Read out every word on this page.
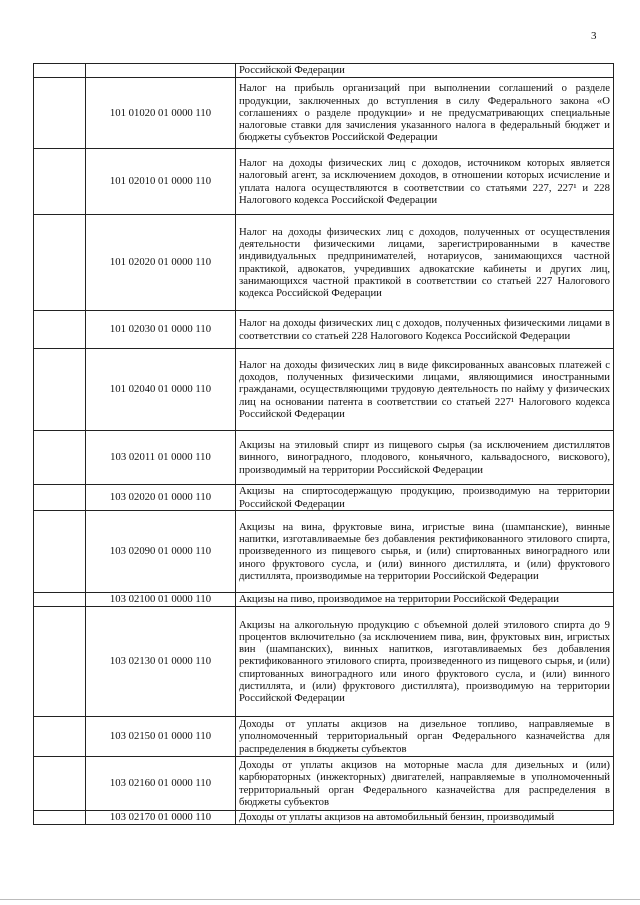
3
		Российской Федерации
	101 01020 01 0000 110	Налог на прибыль организаций при выполнении соглашений о разделе продукции, заключенных до вступления в силу Федерального закона «О соглашениях о разделе продукции» и не предусматривающих специальные налоговые ставки для зачисления указанного налога в федеральный бюджет и бюджеты субъектов Российской Федерации
	101 02010 01 0000 110	Налог на доходы физических лиц с доходов, источником которых является налоговый агент, за исключением доходов, в отношении которых исчисление и уплата налога осуществляются в соответствии со статьями 227, 227¹ и 228 Налогового кодекса Российской Федерации
	101 02020 01 0000 110	Налог на доходы физических лиц с доходов, полученных от осуществления деятельности физическими лицами, зарегистрированными в качестве индивидуальных предпринимателей, нотариусов, занимающихся частной практикой, адвокатов, учредивших адвокатские кабинеты и других лиц, занимающихся частной практикой в соответствии со статьей 227 Налогового кодекса Российской Федерации
	101 02030 01 0000 110	Налог на доходы физических лиц с доходов, полученных физическими лицами в соответствии со статьей 228 Налогового Кодекса Российской Федерации
	101 02040 01 0000 110	Налог на доходы физических лиц в виде фиксированных авансовых платежей с доходов, полученных физическими лицами, являющимися иностранными гражданами, осуществляющими трудовую деятельность по найму у физических лиц на основании патента в соответствии со статьей 227¹ Налогового кодекса Российской Федерации
	103 02011 01 0000 110	Акцизы на этиловый спирт из пищевого сырья (за исключением дистиллятов винного, виноградного, плодового, коньячного, кальвадосного, вискового), производимый на территории Российской Федерации
	103 02020 01 0000 110	Акцизы на спиртосодержащую продукцию, производимую на территории Российской Федерации
	103 02090 01 0000 110	Акцизы на вина, фруктовые вина, игристые вина (шампанские), винные напитки, изготавливаемые без добавления ректификованного этилового спирта, произведенного из пищевого сырья, и (или) спиртованных виноградного или иного фруктового сусла, и (или) винного дистиллята, и (или) фруктового дистиллята, производимые на территории Российской Федерации
	103 02100 01 0000 110	Акцизы на пиво, производимое на территории Российской Федерации
	103 02130 01 0000 110	Акцизы на алкогольную продукцию с объемной долей этилового спирта до 9 процентов включительно (за исключением пива, вин, фруктовых вин, игристых вин (шампанских), винных напитков, изготавливаемых без добавления ректификованного этилового спирта, произведенного из пищевого сырья, и (или) спиртованных виноградного или иного фруктового сусла, и (или) винного дистиллята, и (или) фруктового дистиллята), производимую на территории Российской Федерации
	103 02150 01 0000 110	Доходы от уплаты акцизов на дизельное топливо, направляемые в уполномоченный территориальный орган Федерального казначейства для распределения в бюджеты субъектов
	103 02160 01 0000 110	Доходы от уплаты акцизов на моторные масла для дизельных и (или) карбюраторных (инжекторных) двигателей, направляемые в уполномоченный территориальный орган Федерального казначейства для распределения в бюджеты субъектов
	103 02170 01 0000 110	Доходы от уплаты акцизов на автомобильный бензин, производимый
